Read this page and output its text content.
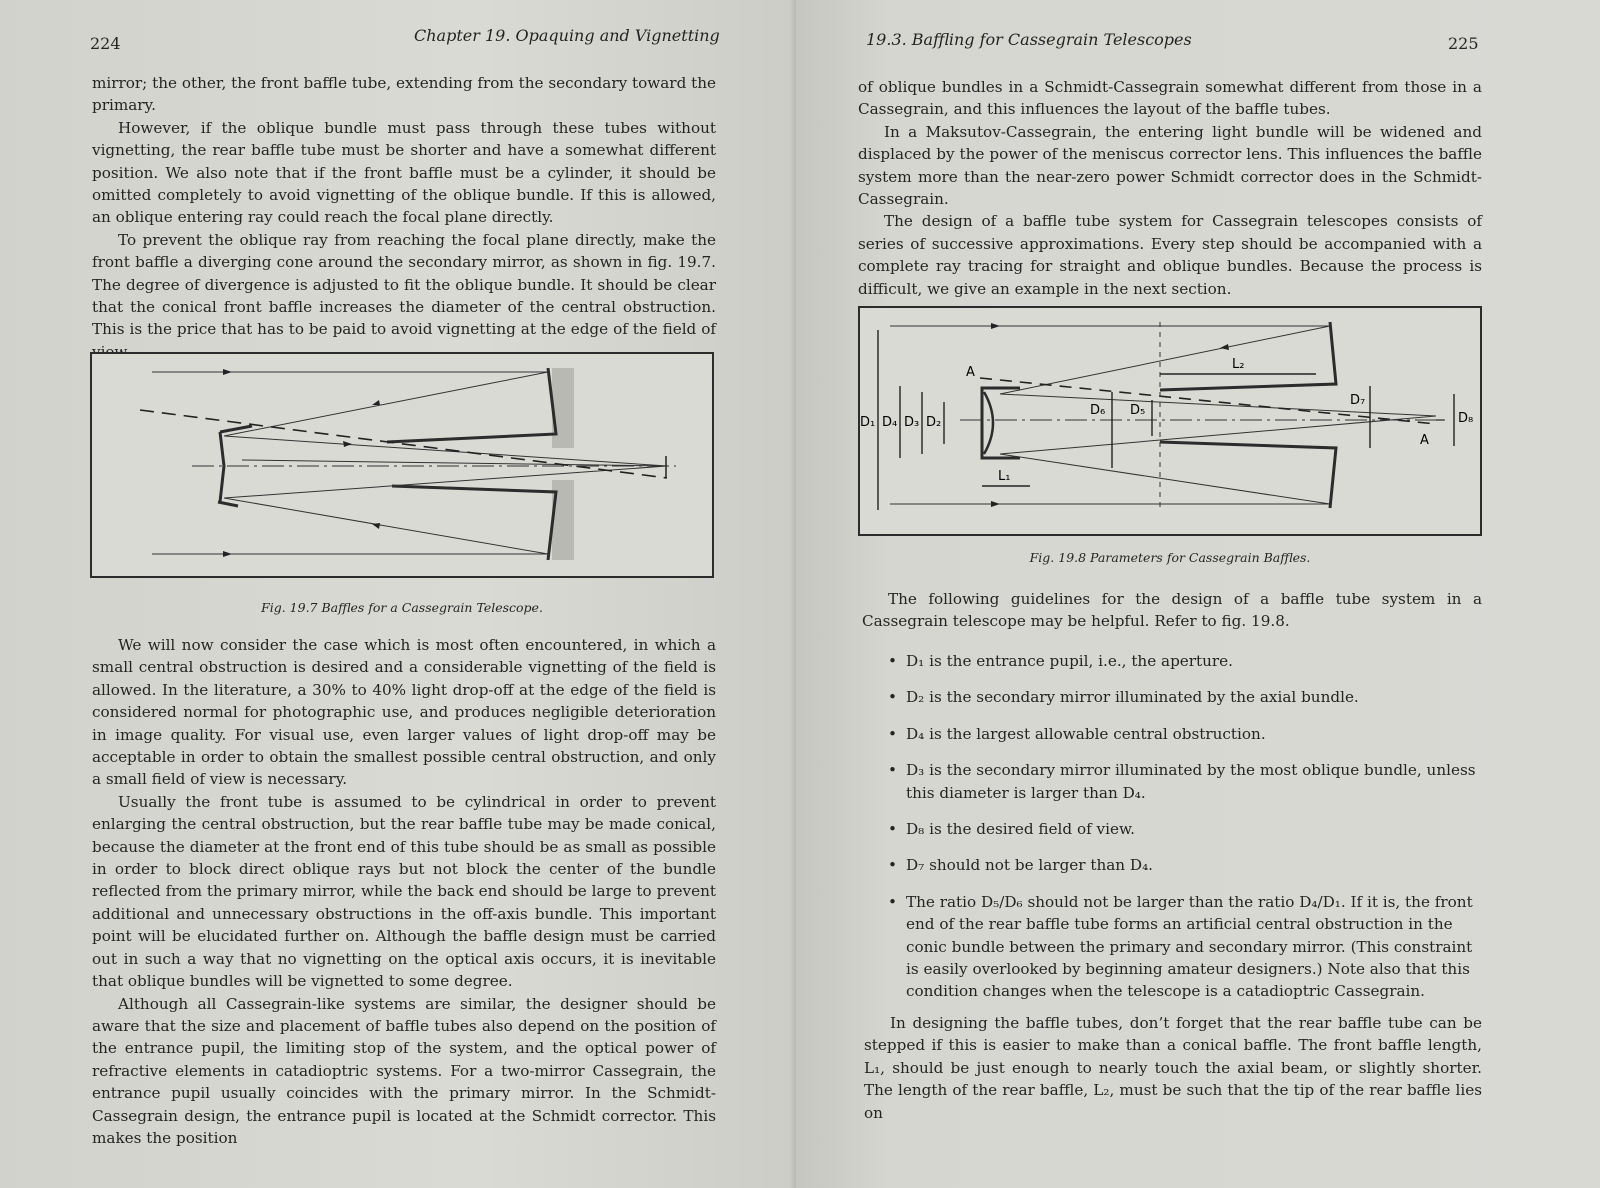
224	Chapter 19. Opaquing and Vignetting

mirror; the other, the front baffle tube, extending from the secondary toward the primary.

However, if the oblique bundle must pass through these tubes without vignetting, the rear baffle tube must be shorter and have a somewhat different position. We also note that if the front baffle must be a cylinder, it should be omitted completely to avoid vignetting of the oblique bundle. If this is allowed, an oblique entering ray could reach the focal plane directly.

To prevent the oblique ray from reaching the focal plane directly, make the front baffle a diverging cone around the secondary mirror, as shown in fig. 19.7. The degree of divergence is adjusted to fit the oblique bundle. It should be clear that the conical front baffle increases the diameter of the central obstruction. This is the price that has to be paid to avoid vignetting at the edge of the field of

Fig. 19.7 Baffles for a Cassegrain Telescope.

We will now consider the case which is most often encountered, in which a small central obstruction is desired and a considerable vignetting of the field is allowed. In the literature, a 30% to 40% light drop-off at the edge of the field is considered normal for photographic use, and produces negligible deterioration in image quality. For visual use, even larger values of light drop-off may be acceptable in order to obtain the smallest possible central obstruction, and only a small field of view is necessary.

Usually the front tube is assumed to be cylindrical in order to prevent enlarging the central obstruction, but the rear baffle tube may be made conical, because the diameter at the front end of this tube should be as small as possible in order to block direct oblique rays but not block the center of the bundle reflected from the primary mirror, while the back end should be large to prevent additional and unnecessary obstructions in the off-axis bundle. This important point will be elucidated further on. Although the baffle design must be carried out in such a way that no vignetting on the optical axis occurs, it is inevitable that oblique bundles will be vignetted to some degree.

Although all Cassegrain-like systems are similar, the designer should be aware that the size and placement of baffle tubes also depend on the position of the entrance pupil, the limiting stop of the system, and the optical power of refractive elements in catadioptric systems. For a two-mirror Cassegrain, the entrance pupil usually coincides with the primary mirror. In the Schmidt-Cassegrain design, the entrance pupil is located at the Schmidt corrector. This makes the position

19.3. Baffling for Cassegrain Telescopes	225

of oblique bundles in a Schmidt-Cassegrain somewhat different from those in a Cassegrain, and this influences the layout of the baffle tubes.

In a Maksutov-Cassegrain, the entering light bundle will be widened and displaced by the power of the meniscus corrector lens. This influences the baffle system more than the near-zero power Schmidt corrector does in the Schmidt-Cassegrain.

The design of a baffle tube system for Cassegrain telescopes consists of series of successive approximations. Every step should be accompanied with a complete ray tracing for straight and oblique bundles. Because the process is difficult, we give an example in the next section.

D₁ D₄ D₃ D₂
D₆ D₅
D₇
D₈
A
A
L₁
L₂
Fig. 19.8 Parameters for Cassegrain Baffles.

The following guidelines for the design of a baffle tube system in a Cassegrain telescope may be helpful. Refer to fig. 19.8.

• D₁ is the entrance pupil, i.e., the aperture.
• D₂ is the secondary mirror illuminated by the axial bundle.
• D₄ is the largest allowable central obstruction.
• D₃ is the secondary mirror illuminated by the most oblique bundle, unless this diameter is larger than D₄.
• D₈ is the desired field of view.
• D₇ should not be larger than D₄.
• The ratio D₅/D₆ should not be larger than the ratio D₄/D₁. If it is, the front end of the rear baffle tube forms an artificial central obstruction in the conic bundle between the primary and secondary mirror. (This constraint is easily overlooked by beginning amateur designers.) Note also that this condition changes when the telescope is a catadioptric Cassegrain.

In designing the baffle tubes, don’t forget that the rear baffle tube can be stepped if this is easier to make than a conical baffle. The front baffle length, L₁, should be just enough to nearly touch the axial beam, or slightly shorter. The length of the rear baffle, L₂, must be such that the tip of the rear baffle lies on
